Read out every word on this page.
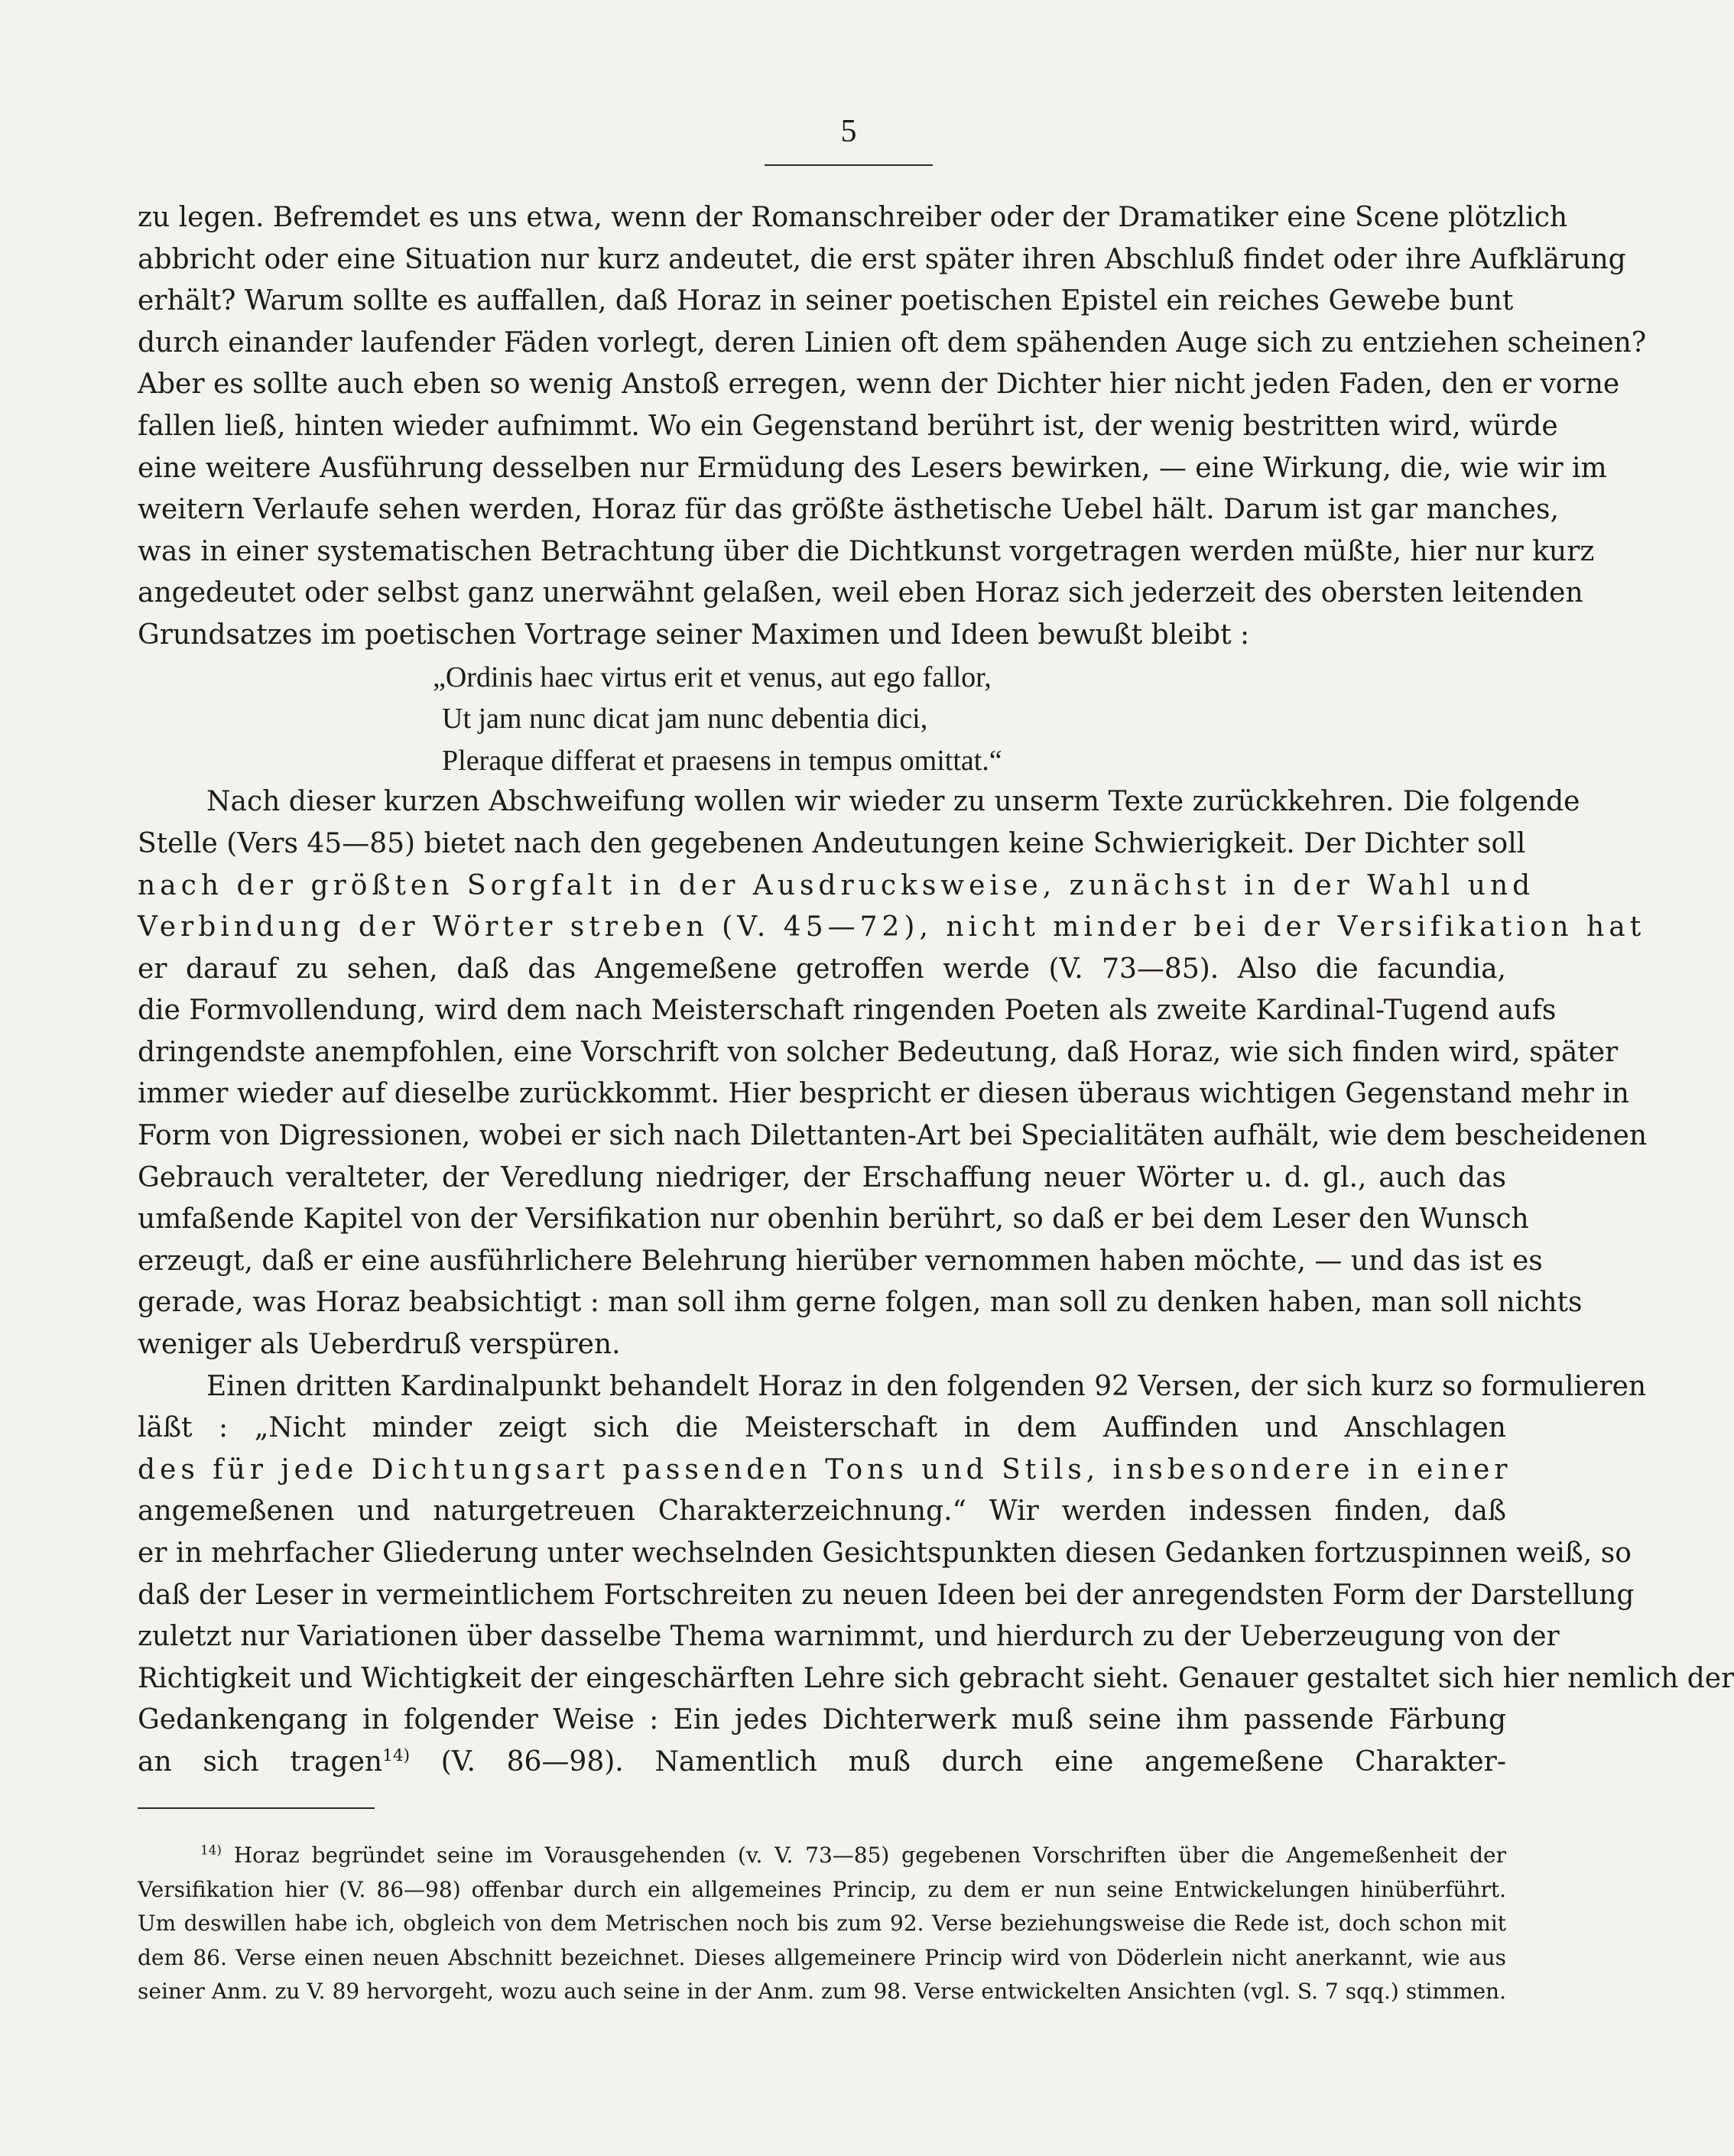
5
zu legen. Befremdet es uns etwa, wenn der Romanschreiber oder der Dramatiker eine Scene plötzlich
abbricht oder eine Situation nur kurz andeutet, die erst später ihren Abschluß findet oder ihre Aufklärung
erhält? Warum sollte es auffallen, daß Horaz in seiner poetischen Epistel ein reiches Gewebe bunt
durch einander laufender Fäden vorlegt, deren Linien oft dem spähenden Auge sich zu entziehen scheinen?
Aber es sollte auch eben so wenig Anstoß erregen, wenn der Dichter hier nicht jeden Faden, den er vorne
fallen ließ, hinten wieder aufnimmt. Wo ein Gegenstand berührt ist, der wenig bestritten wird, würde
eine weitere Ausführung desselben nur Ermüdung des Lesers bewirken, — eine Wirkung, die, wie wir im
weitern Verlaufe sehen werden, Horaz für das größte ästhetische Uebel hält. Darum ist gar manches,
was in einer systematischen Betrachtung über die Dichtkunst vorgetragen werden müßte, hier nur kurz
angedeutet oder selbst ganz unerwähnt gelaßen, weil eben Horaz sich jederzeit des obersten leitenden
Grundsatzes im poetischen Vortrage seiner Maximen und Ideen bewußt bleibt :
„Ordinis haec virtus erit et venus, aut ego fallor,
Ut jam nunc dicat jam nunc debentia dici,
Pleraque differat et praesens in tempus omittat.“
Nach dieser kurzen Abschweifung wollen wir wieder zu unserm Texte zurückkehren. Die folgende
Stelle (Vers 45—85) bietet nach den gegebenen Andeutungen keine Schwierigkeit. Der Dichter soll
nach der größten Sorgfalt in der Ausdrucksweise, zunächst in der Wahl und
Verbindung der Wörter streben (V. 45—72), nicht minder bei der Versifikation hat
er darauf zu sehen, daß das Angemeßene getroffen werde (V. 73—85). Also die facundia,
die Formvollendung, wird dem nach Meisterschaft ringenden Poeten als zweite Kardinal-Tugend aufs
dringendste anempfohlen, eine Vorschrift von solcher Bedeutung, daß Horaz, wie sich finden wird, später
immer wieder auf dieselbe zurückkommt. Hier bespricht er diesen überaus wichtigen Gegenstand mehr in
Form von Digressionen, wobei er sich nach Dilettanten-Art bei Specialitäten aufhält, wie dem bescheidenen
Gebrauch veralteter, der Veredlung niedriger, der Erschaffung neuer Wörter u. d. gl., auch das
umfaßende Kapitel von der Versifikation nur obenhin berührt, so daß er bei dem Leser den Wunsch
erzeugt, daß er eine ausführlichere Belehrung hierüber vernommen haben möchte, — und das ist es
gerade, was Horaz beabsichtigt : man soll ihm gerne folgen, man soll zu denken haben, man soll nichts
weniger als Ueberdruß verspüren.
Einen dritten Kardinalpunkt behandelt Horaz in den folgenden 92 Versen, der sich kurz so formulieren
läßt : „Nicht minder zeigt sich die Meisterschaft in dem Auffinden und Anschlagen
des für jede Dichtungsart passenden Tons und Stils, insbesondere in einer
angemeßenen und naturgetreuen Charakterzeichnung.“ Wir werden indessen finden, daß
er in mehrfacher Gliederung unter wechselnden Gesichtspunkten diesen Gedanken fortzuspinnen weiß, so
daß der Leser in vermeintlichem Fortschreiten zu neuen Ideen bei der anregendsten Form der Darstellung
zuletzt nur Variationen über dasselbe Thema warnimmt, und hierdurch zu der Ueberzeugung von der
Richtigkeit und Wichtigkeit der eingeschärften Lehre sich gebracht sieht. Genauer gestaltet sich hier nemlich der
Gedankengang in folgender Weise : Ein jedes Dichterwerk muß seine ihm passende Färbung
an sich tragen$^{14)}$ (V. 86—98). Namentlich muß durch eine angemeßene Charakter-
$^{14)}$ Horaz begründet seine im Vorausgehenden (v. V. 73—85) gegebenen Vorschriften über die Angemeßenheit der
Versifikation hier (V. 86—98) offenbar durch ein allgemeines Princip, zu dem er nun seine Entwickelungen hinüberführt.
Um deswillen habe ich, obgleich von dem Metrischen noch bis zum 92. Verse beziehungsweise die Rede ist, doch schon mit
dem 86. Verse einen neuen Abschnitt bezeichnet. Dieses allgemeinere Princip wird von Döderlein nicht anerkannt, wie aus
seiner Anm. zu V. 89 hervorgeht, wozu auch seine in der Anm. zum 98. Verse entwickelten Ansichten (vgl. S. 7 sqq.) stimmen.
